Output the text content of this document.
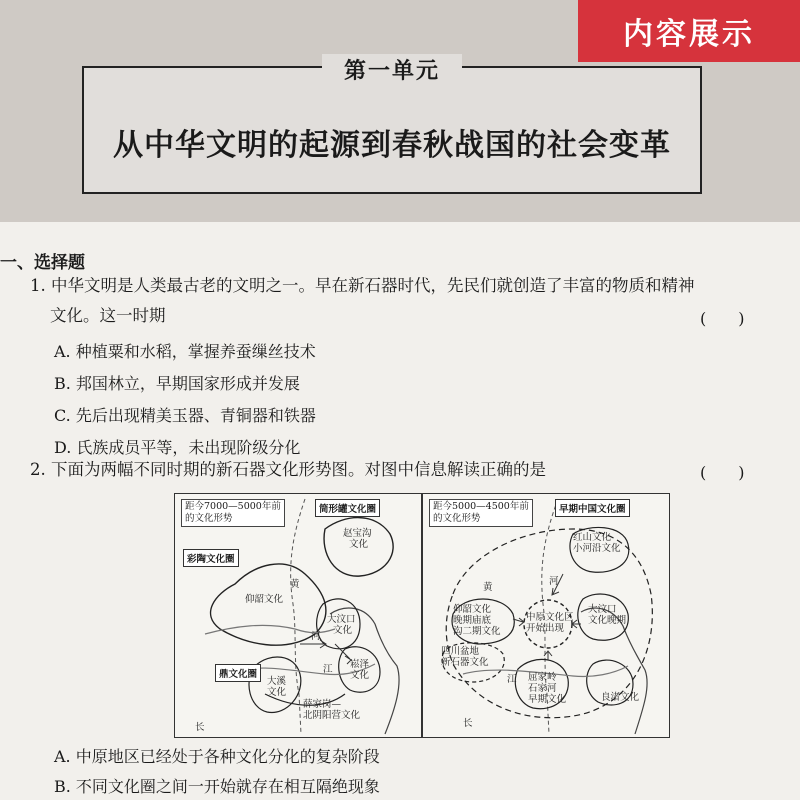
第一单元
从中华文明的起源到春秋战国的社会变革
内容展示
一、选择题
1. 中华文明是人类最古老的文明之一。早在新石器时代，先民们就创造了丰富的物质和精神
文化。这一时期	(　　)
A. 种植粟和水稻，掌握养蚕缫丝技术
B. 邦国林立，早期国家形成并发展
C. 先后出现精美玉器、青铜器和铁器
D. 氏族成员平等，未出现阶级分化
2. 下面为两幅不同时期的新石器文化形势图。对图中信息解读正确的是	(　　)
距今7000—5000年前
的文化形势
筒形罐文化圈
彩陶文化圈
鼎文化圈
赵宝沟
文化
仰韶文化
大汶口
文化
崧泽
文化
大溪
文化
薛家岗—
北阴阳营文化
黄
河
江
长
距今5000—4500年前
的文化形势
早期中国文化圈
红山文化
小河沿文化
仰韶文化
晚期庙底
沟二期文化
中原文化区
开始出现
大汶口
文化晚期
四川盆地
新石器文化
屈家岭
石家河
早期文化	良渚文化
黄
河
江
长
A. 中原地区已经处于各种文化分化的复杂阶段
B. 不同文化圈之间一开始就存在相互隔绝现象
